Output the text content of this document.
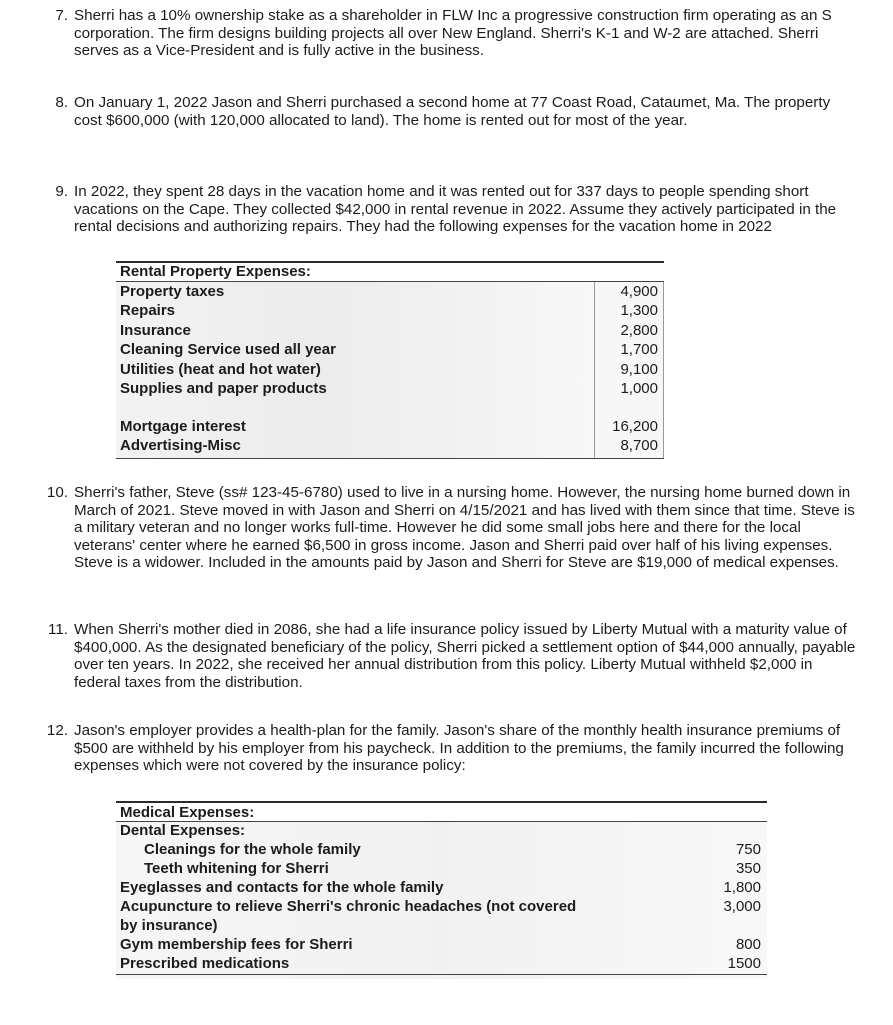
7. Sherri has a 10% ownership stake as a shareholder in FLW Inc a progressive construction firm operating as an S corporation. The firm designs building projects all over New England. Sherri's K-1 and W-2 are attached. Sherri serves as a Vice-President and is fully active in the business.
8. On January 1, 2022 Jason and Sherri purchased a second home at 77 Coast Road, Cataumet, Ma. The property cost $600,000 (with 120,000 allocated to land). The home is rented out for most of the year.
9. In 2022, they spent 28 days in the vacation home and it was rented out for 337 days to people spending short vacations on the Cape. They collected $42,000 in rental revenue in 2022. Assume they actively participated in the rental decisions and authorizing repairs. They had the following expenses for the vacation home in 2022
Rental Property Expenses:
Property taxes	4,900
Repairs	1,300
Insurance	2,800
Cleaning Service used all year	1,700
Utilities (heat and hot water)	9,100
Supplies and paper products	1,000
Mortgage interest	16,200
Advertising-Misc	8,700
10. Sherri's father, Steve (ss# 123-45-6780) used to live in a nursing home. However, the nursing home burned down in March of 2021. Steve moved in with Jason and Sherri on 4/15/2021 and has lived with them since that time. Steve is a military veteran and no longer works full-time. However he did some small jobs here and there for the local veterans' center where he earned $6,500 in gross income. Jason and Sherri paid over half of his living expenses. Steve is a widower. Included in the amounts paid by Jason and Sherri for Steve are $19,000 of medical expenses.
11. When Sherri's mother died in 2086, she had a life insurance policy issued by Liberty Mutual with a maturity value of $400,000. As the designated beneficiary of the policy, Sherri picked a settlement option of $44,000 annually, payable over ten years. In 2022, she received her annual distribution from this policy. Liberty Mutual withheld $2,000 in federal taxes from the distribution.
12. Jason's employer provides a health-plan for the family. Jason's share of the monthly health insurance premiums of $500 are withheld by his employer from his paycheck. In addition to the premiums, the family incurred the following expenses which were not covered by the insurance policy:
Medical Expenses:
Dental Expenses:
Cleanings for the whole family	750
Teeth whitening for Sherri	350
Eyeglasses and contacts for the whole family	1,800
Acupuncture to relieve Sherri's chronic headaches (not covered	3,000
by insurance)
Gym membership fees for Sherri	800
Prescribed medications	1500
